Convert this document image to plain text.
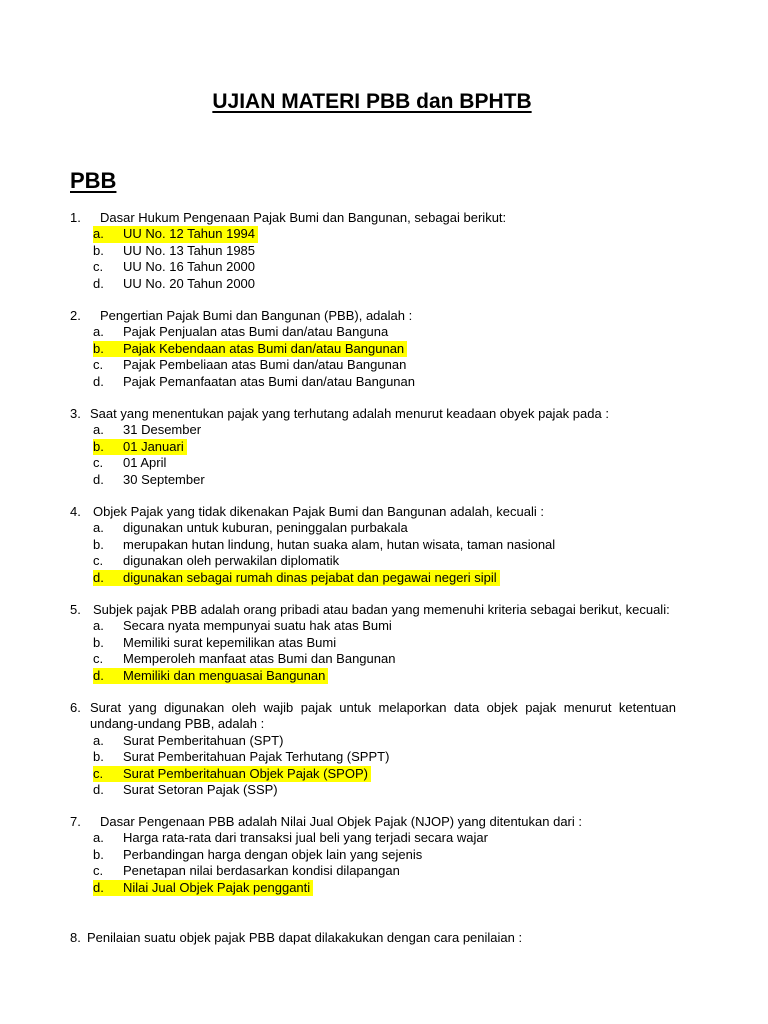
UJIAN MATERI PBB dan BPHTB
PBB

1. Dasar Hukum Pengenaan Pajak Bumi dan Bangunan, sebagai berikut:

a.	UU No. 12 Tahun 1994
b.	UU No. 13 Tahun 1985
c.	UU No. 16 Tahun 2000
d.	UU No. 20 Tahun 2000

2. Pengertian Pajak Bumi dan Bangunan (PBB), adalah :

a.	Pajak Penjualan atas Bumi dan/atau Banguna
b.	Pajak Kebendaan atas Bumi dan/atau Bangunan
c.	Pajak Pembeliaan atas Bumi dan/atau Bangunan
d.	Pajak Pemanfaatan atas Bumi dan/atau Bangunan

3. Saat yang menentukan pajak yang terhutang adalah menurut keadaan obyek pajak pada :

a.	31 Desember
b.	01 Januari
c.	01 April
d.	30 September

4. Objek Pajak yang tidak dikenakan Pajak Bumi dan Bangunan adalah, kecuali :

a.	digunakan untuk kuburan, peninggalan purbakala
b.	merupakan hutan lindung, hutan suaka alam, hutan wisata, taman nasional
c.	digunakan oleh perwakilan diplomatik
d.	digunakan sebagai rumah dinas pejabat dan pegawai negeri sipil

5. Subjek pajak PBB adalah orang pribadi atau badan yang memenuhi kriteria sebagai berikut, kecuali:

a.	Secara nyata mempunyai suatu hak atas Bumi
b.	Memiliki surat kepemilikan atas Bumi
c.	Memperoleh manfaat atas Bumi dan Bangunan
d.	Memiliki dan menguasai Bangunan

6. Surat yang digunakan oleh wajib pajak untuk melaporkan data objek pajak menurut ketentuan undang-undang PBB, adalah :

a.	Surat Pemberitahuan (SPT)
b.	Surat Pemberitahuan Pajak Terhutang (SPPT)
c.	Surat Pemberitahuan Objek Pajak (SPOP)
d.	Surat Setoran Pajak (SSP)

7. Dasar Pengenaan PBB adalah Nilai Jual Objek Pajak (NJOP) yang ditentukan dari :

a.	Harga rata-rata dari transaksi jual beli yang terjadi secara wajar
b.	Perbandingan harga dengan objek lain yang sejenis
c.	Penetapan nilai berdasarkan kondisi dilapangan
d.	Nilai Jual Objek Pajak pengganti

8. Penilaian suatu objek pajak PBB dapat dilakakukan dengan cara penilaian :
